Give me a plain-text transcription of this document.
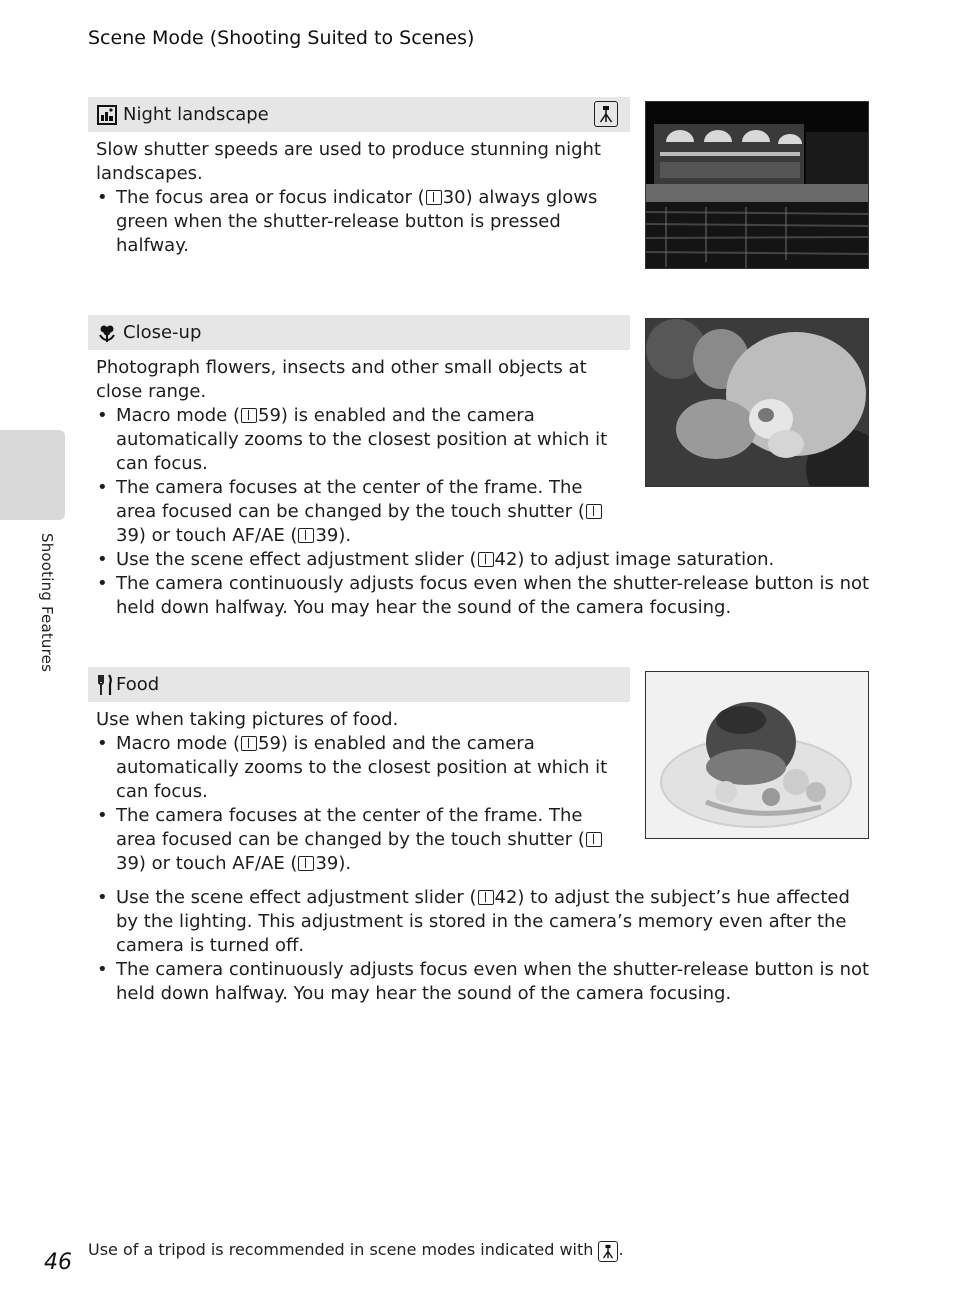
Scene Mode (Shooting Suited to Scenes)
Shooting Features
Night landscape

Slow shutter speeds are used to produce stunning night landscapes.

• The focus area or focus indicator ( 30) always glows green when the shutter-release button is pressed halfway.
Close-up

Photograph flowers, insects and other small objects at close range.

• Macro mode ( 59) is enabled and the camera automatically zooms to the closest position at which it can focus.
• The camera focuses at the center of the frame. The area focused can be changed by the touch shutter (39) or touch AF/AE ( 39).
• Use the scene effect adjustment slider ( 42) to adjust image saturation.
• The camera continuously adjusts focus even when the shutter-release button is not held down halfway. You may hear the sound of the camera focusing.
Food

Use when taking pictures of food.

• Macro mode ( 59) is enabled and the camera automatically zooms to the closest position at which it can focus.
• The camera focuses at the center of the frame. The area focused can be changed by the touch shutter (39) or touch AF/AE ( 39).
• Use the scene effect adjustment slider ( 42) to adjust the subject’s hue affected by the lighting. This adjustment is stored in the camera’s memory even after the camera is turned off.
• The camera continuously adjusts focus even when the shutter-release button is not held down halfway. You may hear the sound of the camera focusing.
Use of a tripod is recommended in scene modes indicated with .
46
